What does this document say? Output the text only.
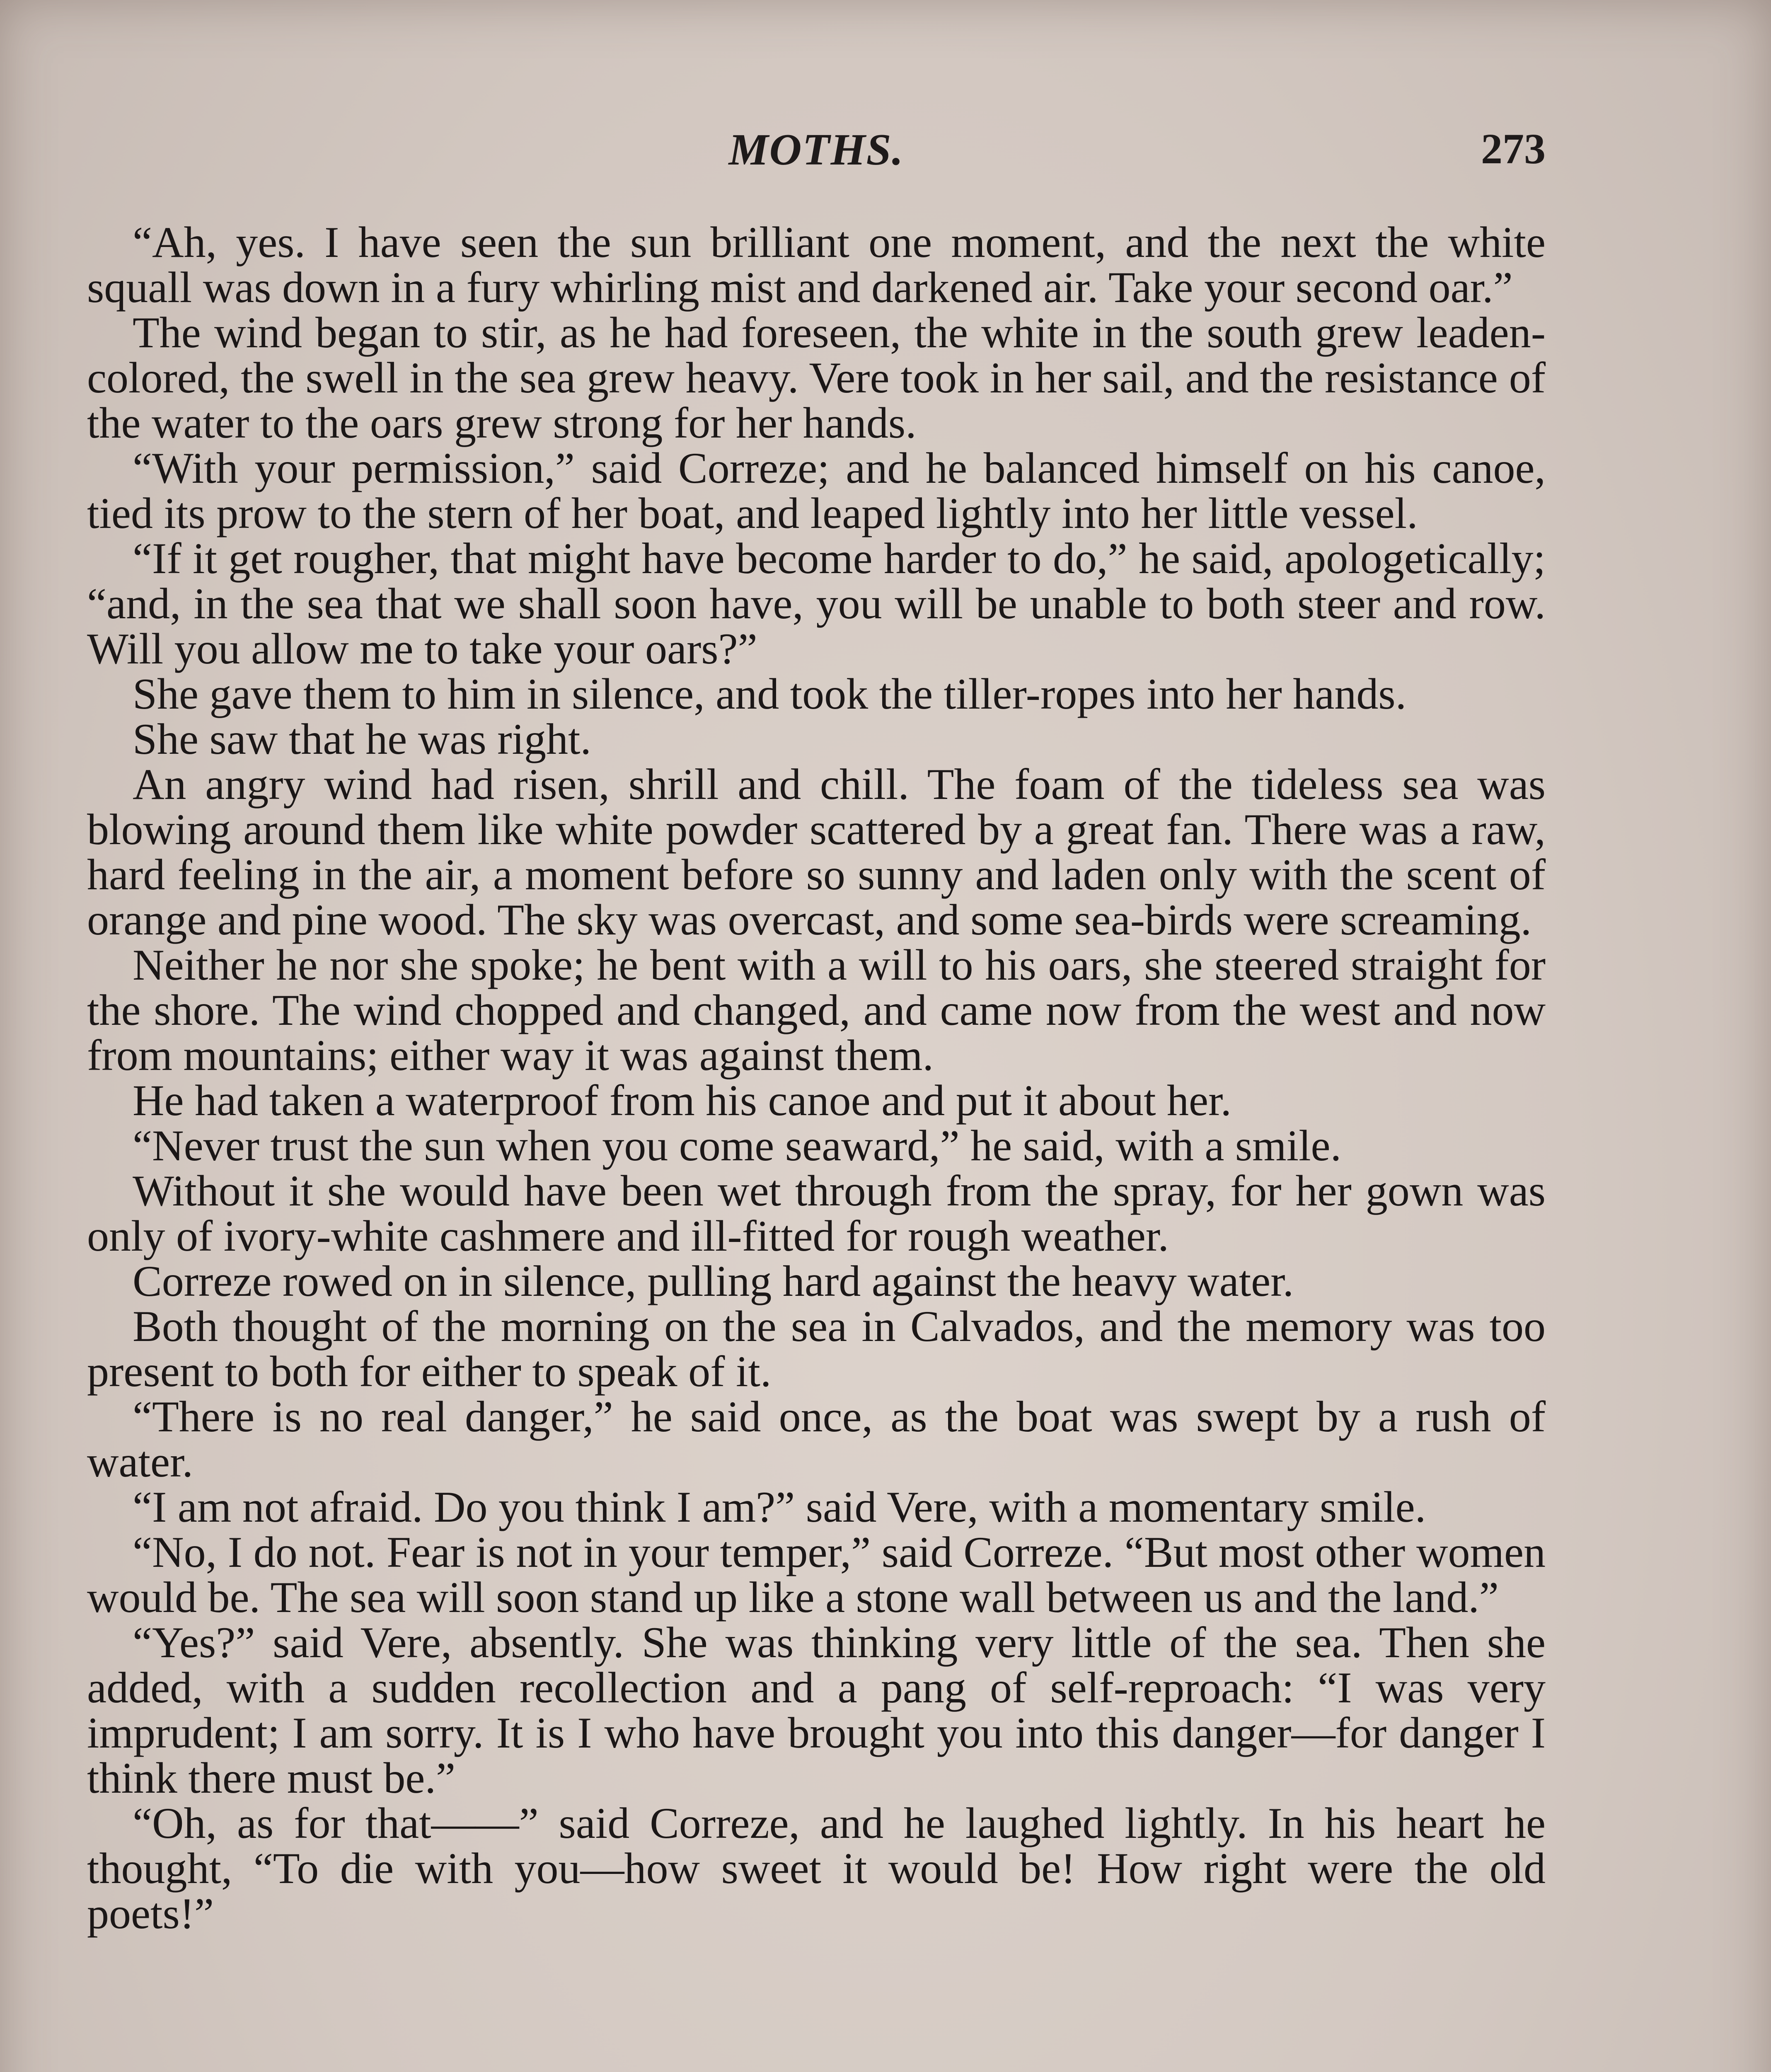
MOTHS.	273

“Ah, yes. I have seen the sun brilliant one moment, and the next the white squall was down in a fury whirling mist and darkened air. Take your second oar.”

The wind began to stir, as he had foreseen, the white in the south grew leaden-colored, the swell in the sea grew heavy. Vere took in her sail, and the resistance of the water to the oars grew strong for her hands.

“With your permission,” said Correze; and he balanced himself on his canoe, tied its prow to the stern of her boat, and leaped lightly into her little vessel.

“If it get rougher, that might have become harder to do,” he said, apologetically; “and, in the sea that we shall soon have, you will be unable to both steer and row. Will you allow me to take your oars?”

She gave them to him in silence, and took the tiller-ropes into her hands.

She saw that he was right.

An angry wind had risen, shrill and chill. The foam of the tideless sea was blowing around them like white powder scattered by a great fan. There was a raw, hard feeling in the air, a moment before so sunny and laden only with the scent of orange and pine wood. The sky was overcast, and some sea-birds were screaming.

Neither he nor she spoke; he bent with a will to his oars, she steered straight for the shore. The wind chopped and changed, and came now from the west and now from mountains; either way it was against them.

He had taken a waterproof from his canoe and put it about her.

“Never trust the sun when you come seaward,” he said, with a smile.

Without it she would have been wet through from the spray, for her gown was only of ivory-white cashmere and ill-fitted for rough weather.

Correze rowed on in silence, pulling hard against the heavy water.

Both thought of the morning on the sea in Calvados, and the memory was too present to both for either to speak of it.

“There is no real danger,” he said once, as the boat was swept by a rush of water.

“I am not afraid. Do you think I am?” said Vere, with a momentary smile.

“No, I do not. Fear is not in your temper,” said Correze. “But most other women would be. The sea will soon stand up like a stone wall between us and the land.”

“Yes?” said Vere, absently. She was thinking very little of the sea. Then she added, with a sudden recollection and a pang of self-reproach: “I was very imprudent; I am sorry. It is I who have brought you into this danger—for danger I think there must be.”

“Oh, as for that——” said Correze, and he laughed lightly. In his heart he thought, “To die with you—how sweet it would be! How right were the old poets!”
